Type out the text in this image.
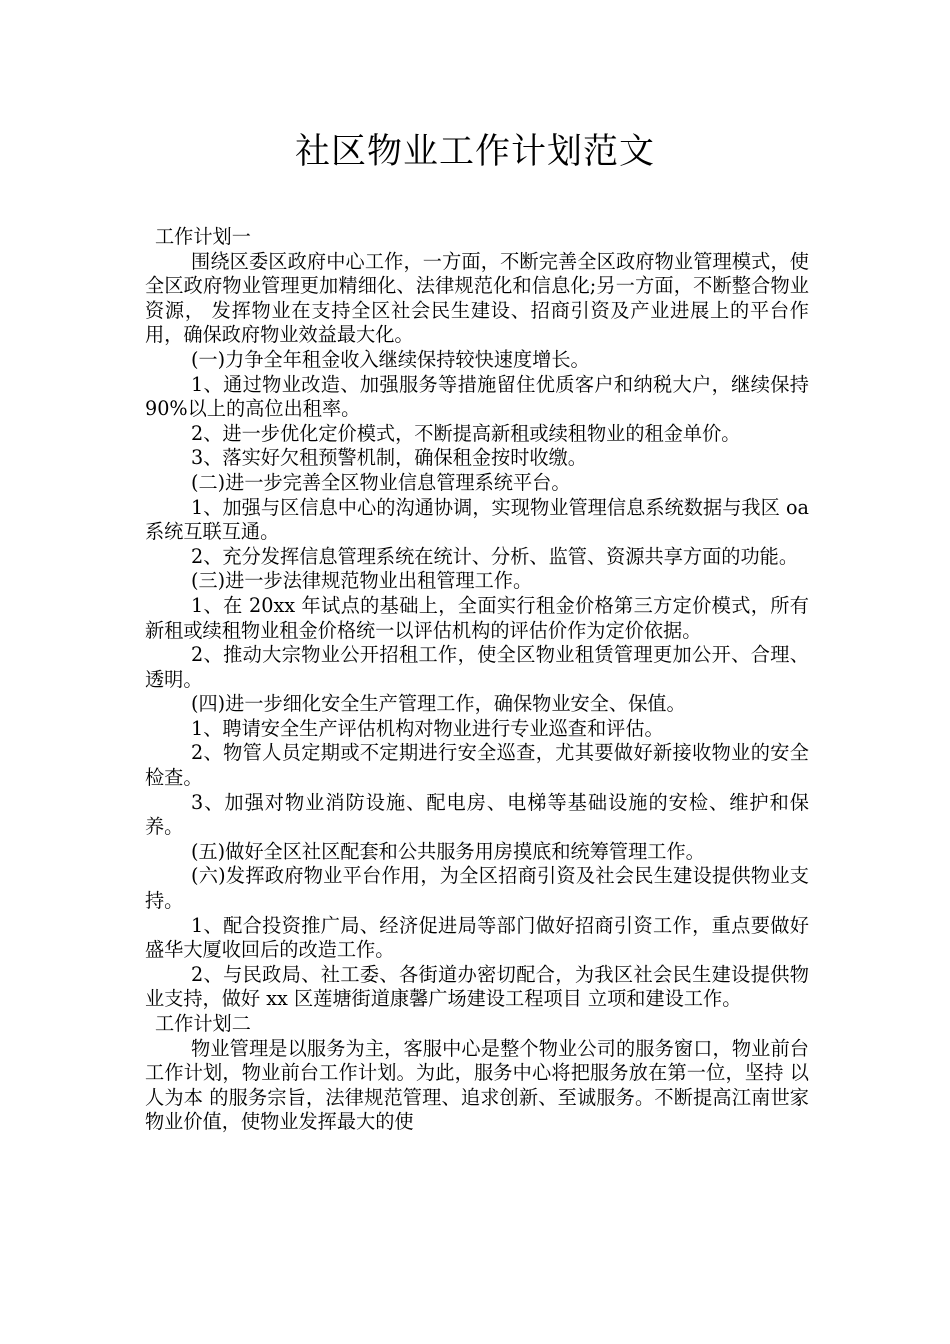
社区物业工作计划范文

工作计划一

围绕区委区政府中心工作，一方面，不断完善全区政府物业管理模式，使全区政府物业管理更加精细化、法律规范化和信息化;另一方面，不断整合物业资源， 发挥物业在支持全区社会民生建设、招商引资及产业进展上的平台作用，确保政府物业效益最大化。

(一)力争全年租金收入继续保持较快速度增长。

1、通过物业改造、加强服务等措施留住优质客户和纳税大户，继续保持 90%以上的高位出租率。

2、进一步优化定价模式，不断提高新租或续租物业的租金单价。

3、落实好欠租预警机制，确保租金按时收缴。

(二)进一步完善全区物业信息管理系统平台。

1、加强与区信息中心的沟通协调，实现物业管理信息系统数据与我区 oa 系统互联互通。

2、充分发挥信息管理系统在统计、分析、监管、资源共享方面的功能。

(三)进一步法律规范物业出租管理工作。

1、在 20xx 年试点的基础上，全面实行租金价格第三方定价模式，所有新租或续租物业租金价格统一以评估机构的评估价作为定价依据。

2、推动大宗物业公开招租工作，使全区物业租赁管理更加公开、合理、透明。

(四)进一步细化安全生产管理工作，确保物业安全、保值。

1、聘请安全生产评估机构对物业进行专业巡查和评估。

2、物管人员定期或不定期进行安全巡查，尤其要做好新接收物业的安全检查。

3、加强对物业消防设施、配电房、电梯等基础设施的安检、维护和保养。

(五)做好全区社区配套和公共服务用房摸底和统筹管理工作。

(六)发挥政府物业平台作用，为全区招商引资及社会民生建设提供物业支持。

1、配合投资推广局、经济促进局等部门做好招商引资工作，重点要做好盛华大厦收回后的改造工作。

2、与民政局、社工委、各街道办密切配合，为我区社会民生建设提供物业支持，做好 xx 区莲塘街道康馨广场建设工程项目 立项和建设工作。

工作计划二

物业管理是以服务为主，客服中心是整个物业公司的服务窗口，物业前台工作计划，物业前台工作计划。为此，服务中心将把服务放在第一位，坚持 以人为本 的服务宗旨，法律规范管理、追求创新、至诚服务。不断提高江南世家物业价值，使物业发挥最大的使
